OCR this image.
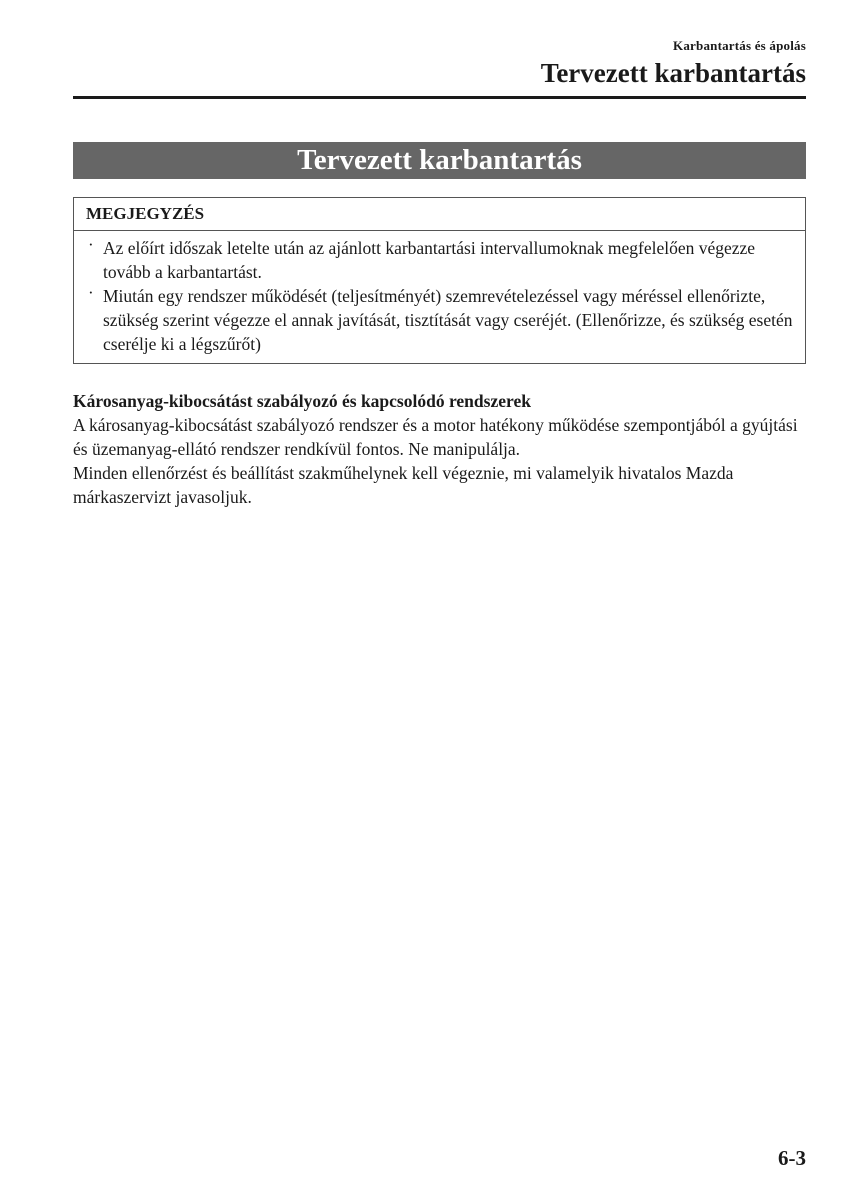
Karbantartás és ápolás
Tervezett karbantartás
Tervezett karbantartás
MEGJEGYZÉS
· Az előírt időszak letelte után az ajánlott karbantartási intervallumoknak megfelelően végezze tovább a karbantartást.
· Miután egy rendszer működését (teljesítményét) szemrevételezéssel vagy méréssel ellenőrizte, szükség szerint végezze el annak javítását, tisztítását vagy cseréjét. (Ellenőrizze, és szükség esetén cserélje ki a légszűrőt)
Károsanyag-kibocsátást szabályozó és kapcsolódó rendszerek

A károsanyag-kibocsátást szabályozó rendszer és a motor hatékony működése szempontjából a gyújtási és üzemanyag-ellátó rendszer rendkívül fontos. Ne manipulálja.

Minden ellenőrzést és beállítást szakműhelynek kell végeznie, mi valamelyik hivatalos Mazda márkaszervizt javasoljuk.

6-3
